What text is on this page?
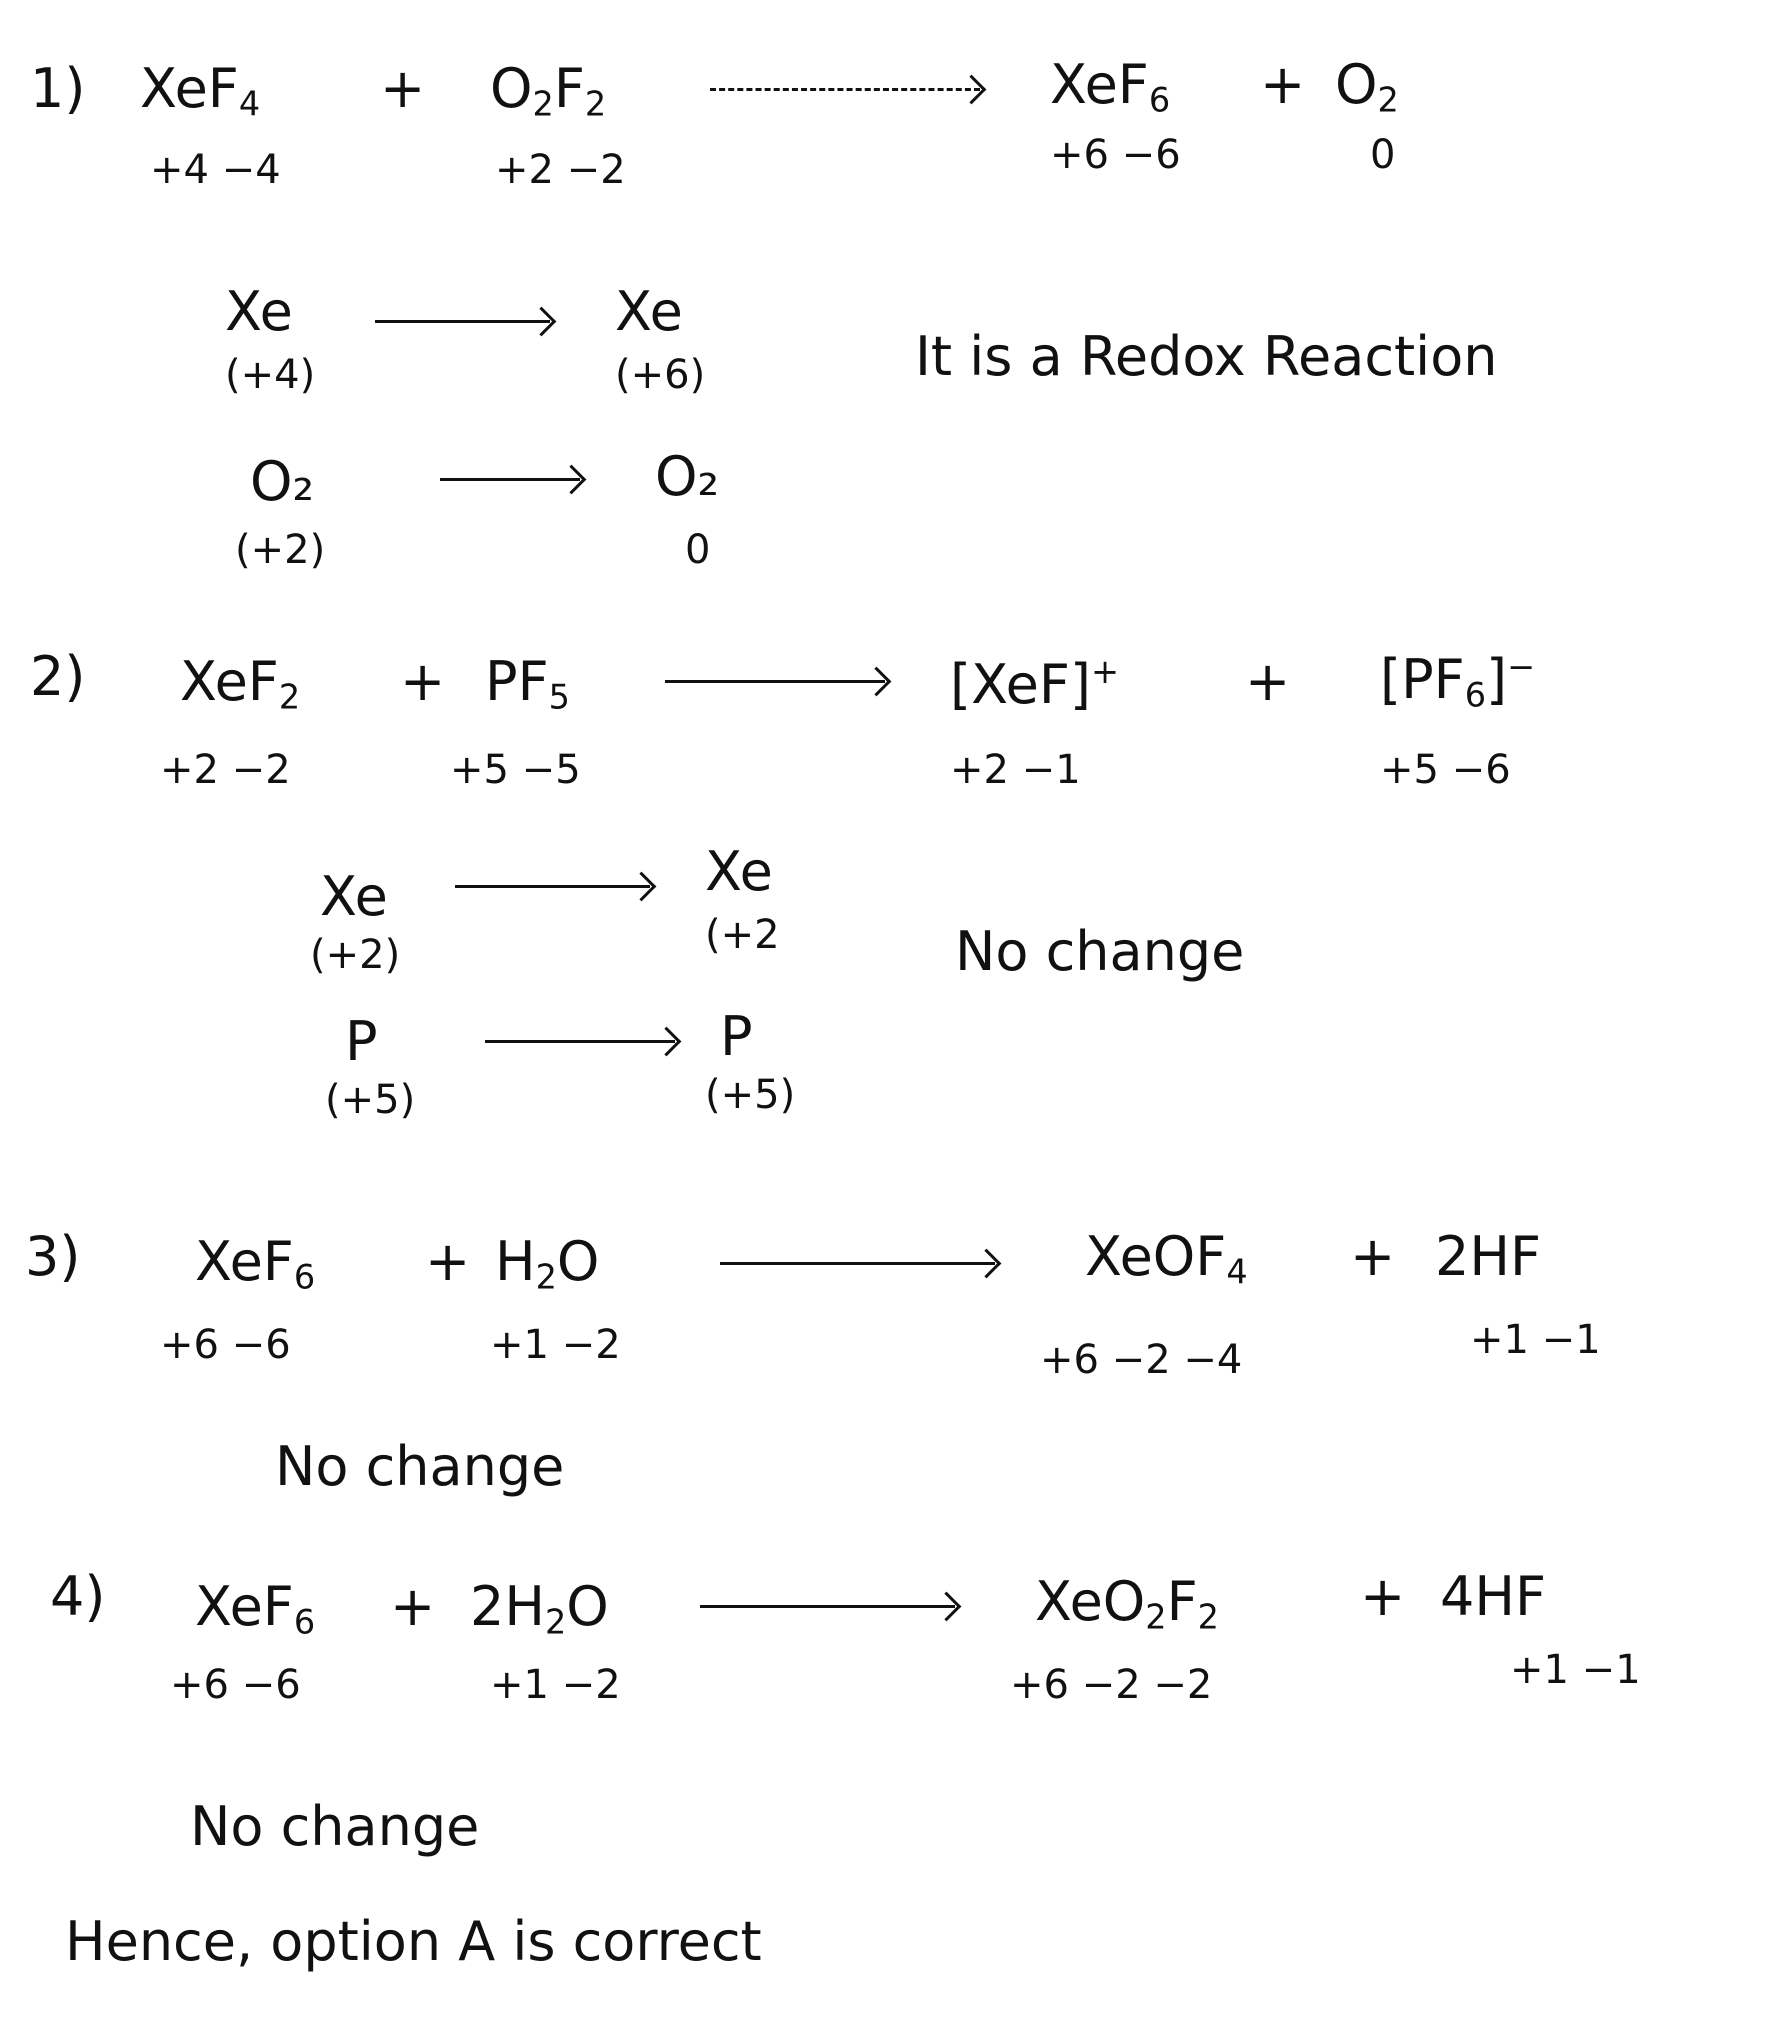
1) $XeF_4 + O_2F_2$	$XeF_6 + O_2$
+4 −4	+2 −2	+6 −6	0
Xe
(+4)
Xe
(+6)	It is a Redox Reaction
O₂
(+2)
O₂
0
2) $XeF_2 + PF_5$	$[XeF]^+ + [PF_6]^-$
+2 −2	+5 −5	+2 −1	+5 −6
Xe
(+2)
Xe
(+2	No change
P
(+5)
P
(+5)
3) $XeF_6 + H_2O$	XeOF$_4$ + 2HF
+6 −6	+1 −2	+6 −2 −4	+1 −1
No change
4) $XeF_6 + 2H_2O$	$XeO_2F_2$	+ 4HF
+6 −6	+1 −2	+6 −2 −2	+1 −1
No change
Hence, option A is correct
